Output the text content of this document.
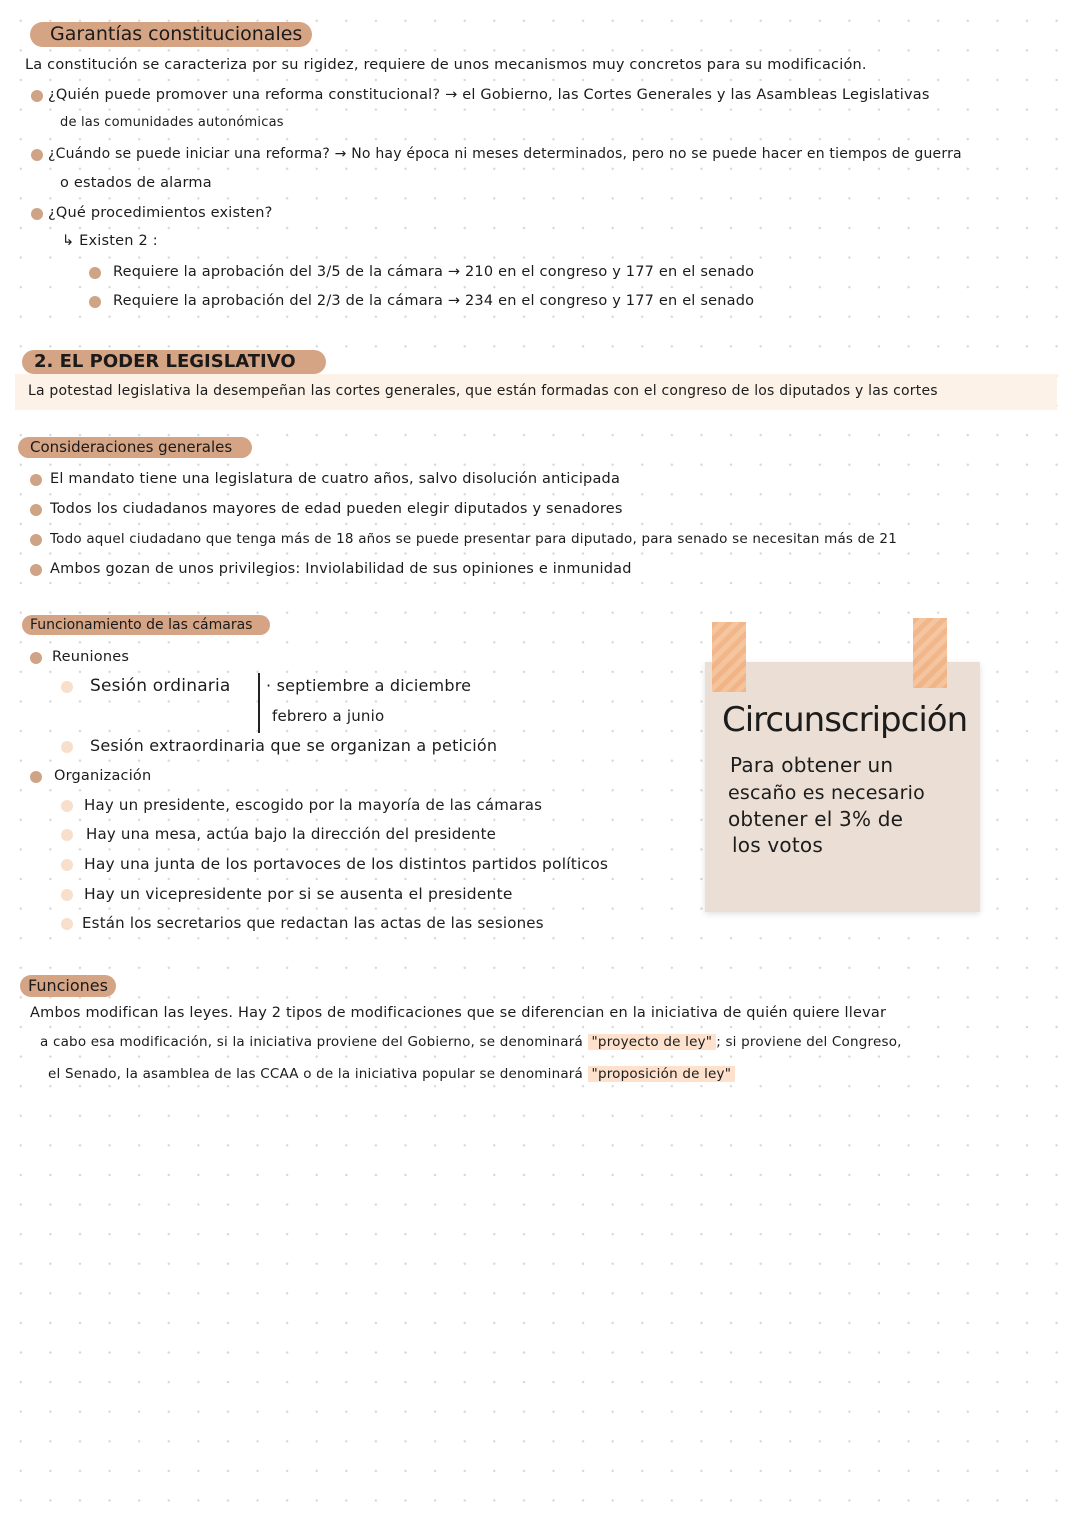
Garantías constitucionales
La constitución se caracteriza por su rigidez, requiere de unos mecanismos muy concretos para su modificación.
¿Quién puede promover una reforma constitucional? → el Gobierno, las Cortes Generales y las Asambleas Legislativas
de las comunidades autonómicas
¿Cuándo se puede iniciar una reforma? → No hay época ni meses determinados, pero no se puede hacer en tiempos de guerra
o estados de alarma
¿Qué procedimientos existen?
↳ Existen 2 :
Requiere la aprobación del 3/5 de la cámara → 210 en el congreso y 177 en el senado
Requiere la aprobación del 2/3 de la cámara → 234 en el congreso y 177 en el senado
2. EL PODER LEGISLATIVO
La potestad legislativa la desempeñan las cortes generales, que están formadas con el congreso de los diputados y las cortes
Consideraciones generales
El mandato tiene una legislatura de cuatro años, salvo disolución anticipada
Todos los ciudadanos mayores de edad pueden elegir diputados y senadores
Todo aquel ciudadano que tenga más de 18 años se puede presentar para diputado, para senado se necesitan más de 21
Ambos gozan de unos privilegios: Inviolabilidad de sus opiniones e inmunidad
Funcionamiento de las cámaras
Reuniones
Sesión ordinaria · septiembre a diciembre
febrero a junio
Sesión extraordinaria que se organizan a petición
Organización
Hay un presidente, escogido por la mayoría de las cámaras
Hay una mesa, actúa bajo la dirección del presidente
Hay una junta de los portavoces de los distintos partidos políticos
Hay un vicepresidente por si se ausenta el presidente
Están los secretarios que redactan las actas de las sesiones
Circunscripción
Para obtener un
escaño es necesario
obtener el 3% de
los votos
Funciones
Ambos modifican las leyes. Hay 2 tipos de modificaciones que se diferencian en la iniciativa de quién quiere llevar
a cabo esa modificación, si la iniciativa proviene del Gobierno, se denominará "proyecto de ley" ; si proviene del Congreso,
el Senado, la asamblea de las CCAA o de la iniciativa popular se denominará "proposición de ley"
